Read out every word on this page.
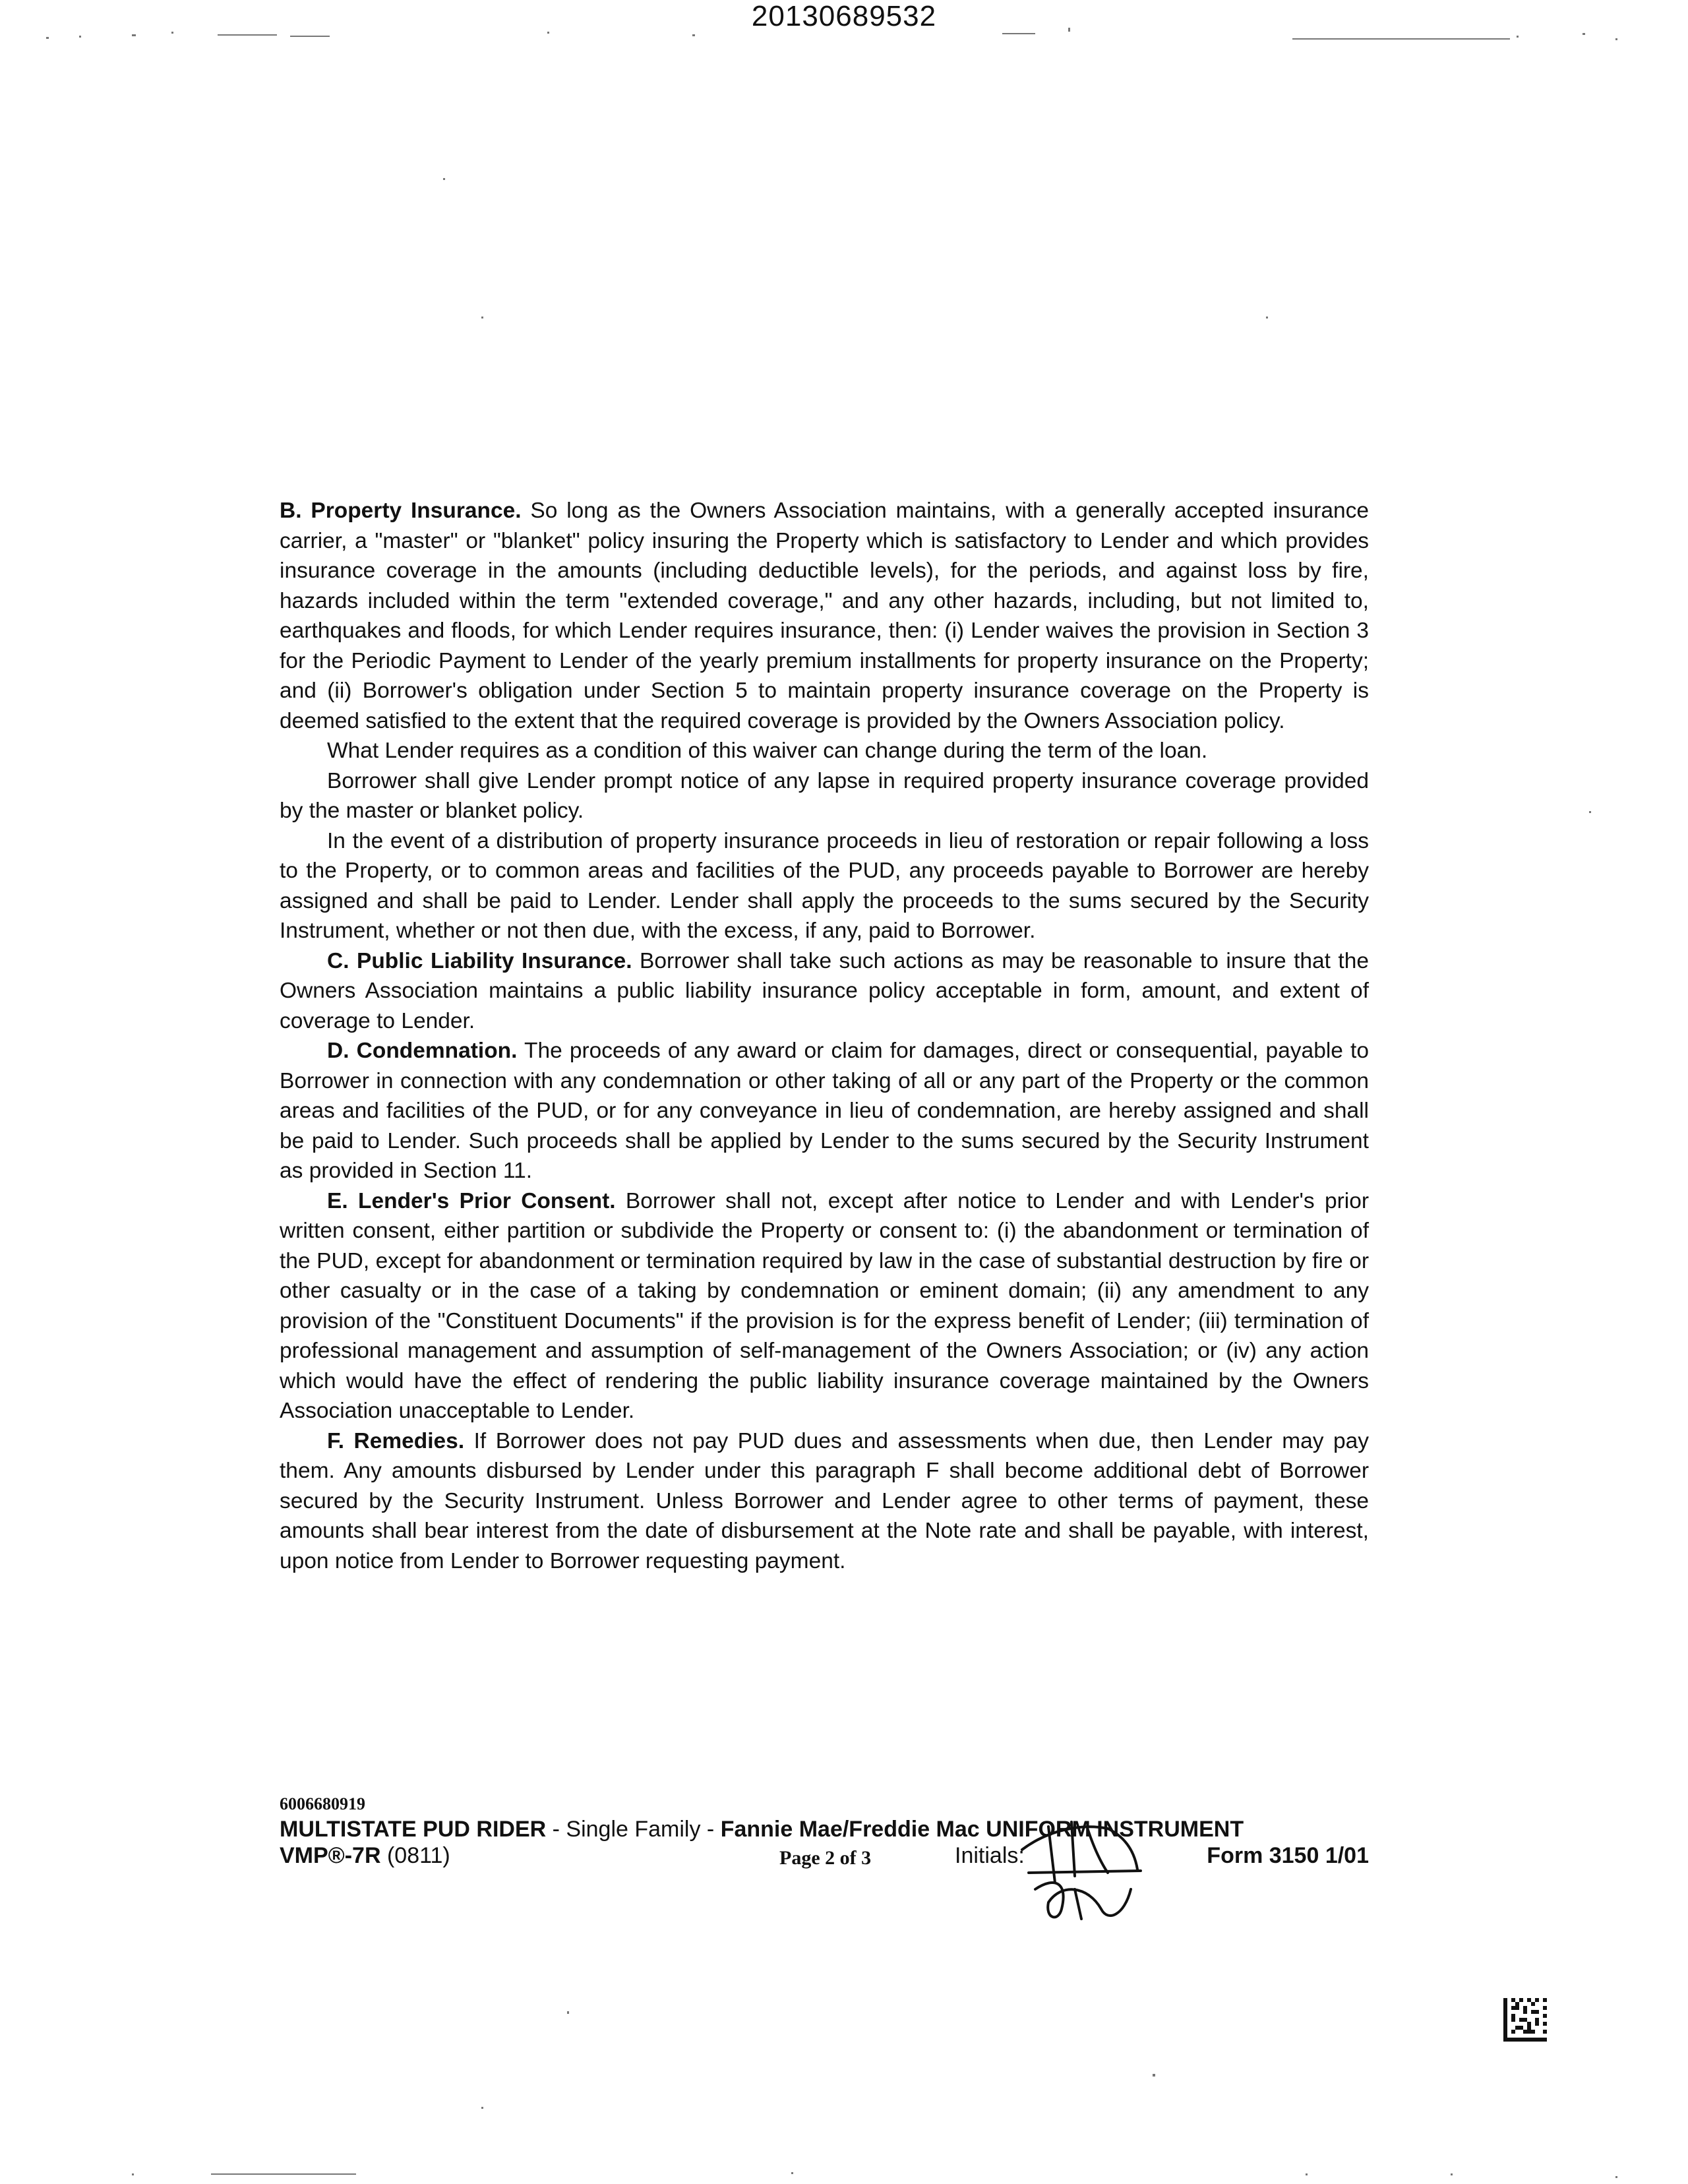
20130689532

B. Property Insurance. So long as the Owners Association maintains, with a generally accepted insurance carrier, a "master" or "blanket" policy insuring the Property which is satisfactory to Lender and which provides insurance coverage in the amounts (including deductible levels), for the periods, and against loss by fire, hazards included within the term "extended coverage," and any other hazards, including, but not limited to, earthquakes and floods, for which Lender requires insurance, then: (i) Lender waives the provision in Section 3 for the Periodic Payment to Lender of the yearly premium installments for property insurance on the Property; and (ii) Borrower's obligation under Section 5 to maintain property insurance coverage on the Property is deemed satisfied to the extent that the required coverage is provided by the Owners Association policy.

What Lender requires as a condition of this waiver can change during the term of the loan.

Borrower shall give Lender prompt notice of any lapse in required property insurance coverage provided by the master or blanket policy.

In the event of a distribution of property insurance proceeds in lieu of restoration or repair following a loss to the Property, or to common areas and facilities of the PUD, any proceeds payable to Borrower are hereby assigned and shall be paid to Lender. Lender shall apply the proceeds to the sums secured by the Security Instrument, whether or not then due, with the excess, if any, paid to Borrower.

C. Public Liability Insurance. Borrower shall take such actions as may be reasonable to insure that the Owners Association maintains a public liability insurance policy acceptable in form, amount, and extent of coverage to Lender.

D. Condemnation. The proceeds of any award or claim for damages, direct or consequential, payable to Borrower in connection with any condemnation or other taking of all or any part of the Property or the common areas and facilities of the PUD, or for any conveyance in lieu of condemnation, are hereby assigned and shall be paid to Lender. Such proceeds shall be applied by Lender to the sums secured by the Security Instrument as provided in Section 11.

E. Lender's Prior Consent. Borrower shall not, except after notice to Lender and with Lender's prior written consent, either partition or subdivide the Property or consent to: (i) the abandonment or termination of the PUD, except for abandonment or termination required by law in the case of substantial destruction by fire or other casualty or in the case of a taking by condemnation or eminent domain; (ii) any amendment to any provision of the "Constituent Documents" if the provision is for the express benefit of Lender; (iii) termination of professional management and assumption of self-management of the Owners Association; or (iv) any action which would have the effect of rendering the public liability insurance coverage maintained by the Owners Association unacceptable to Lender.

F. Remedies. If Borrower does not pay PUD dues and assessments when due, then Lender may pay them. Any amounts disbursed by Lender under this paragraph F shall become additional debt of Borrower secured by the Security Instrument. Unless Borrower and Lender agree to other terms of payment, these amounts shall bear interest from the date of disbursement at the Note rate and shall be payable, with interest, upon notice from Lender to Borrower requesting payment.

6006680919
MULTISTATE PUD RIDER - Single Family - Fannie Mae/Freddie Mac UNIFORM INSTRUMENT
VMP®-7R (0811)	Page 2 of 3	Initials:	Form 3150 1/01
